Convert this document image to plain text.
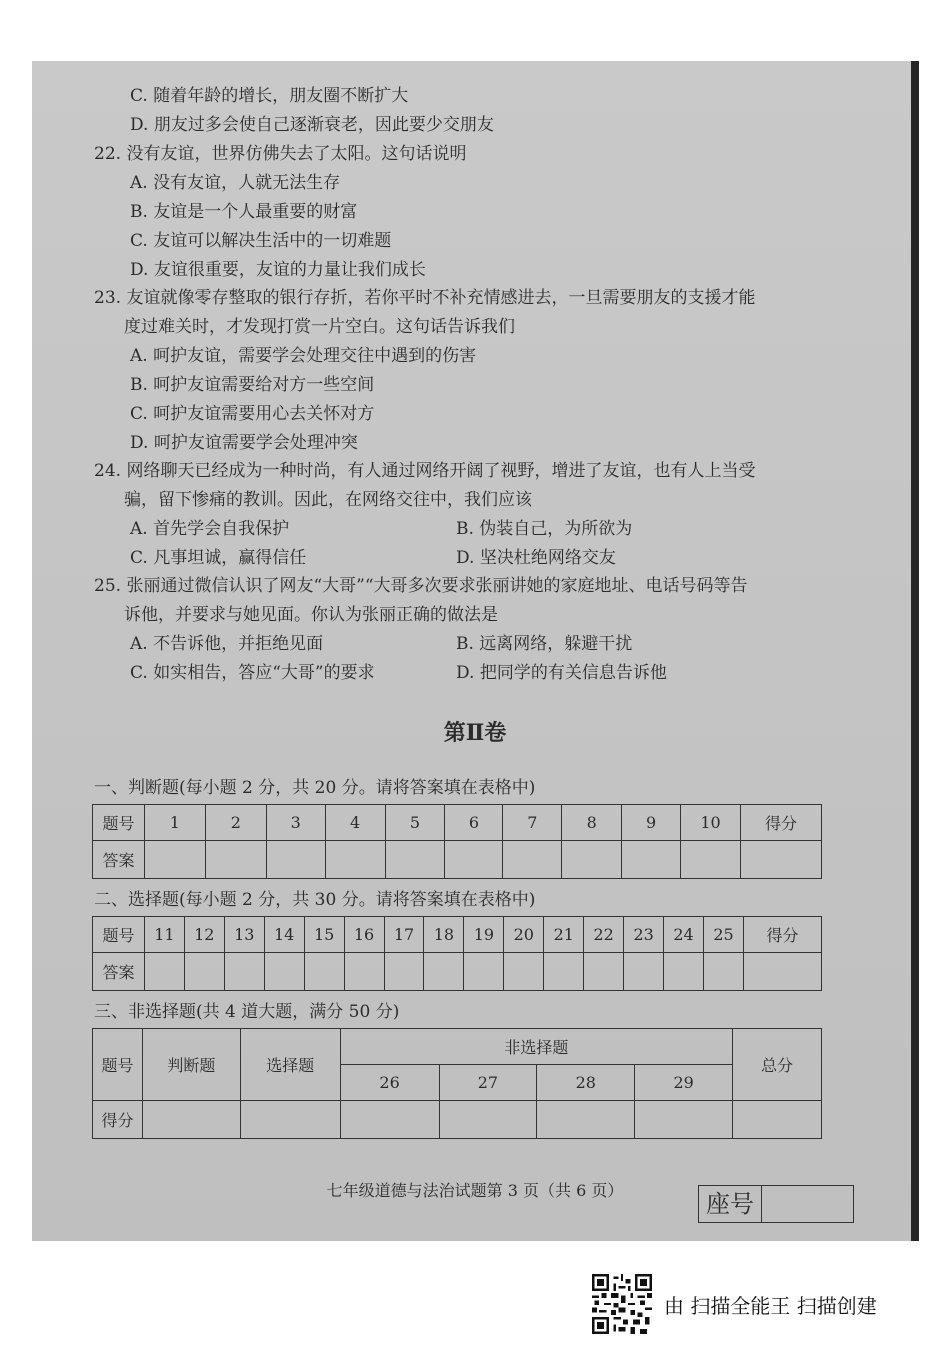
C. 随着年龄的增长，朋友圈不断扩大
D. 朋友过多会使自己逐渐衰老，因此要少交朋友
22. 没有友谊，世界仿佛失去了太阳。这句话说明
A. 没有友谊，人就无法生存
B. 友谊是一个人最重要的财富
C. 友谊可以解决生活中的一切难题
D. 友谊很重要，友谊的力量让我们成长
23. 友谊就像零存整取的银行存折，若你平时不补充情感进去，一旦需要朋友的支援才能
度过难关时，才发现打赏一片空白。这句话告诉我们
A. 呵护友谊，需要学会处理交往中遇到的伤害
B. 呵护友谊需要给对方一些空间
C. 呵护友谊需要用心去关怀对方
D. 呵护友谊需要学会处理冲突
24. 网络聊天已经成为一种时尚，有人通过网络开阔了视野，增进了友谊，也有人上当受
骗，留下惨痛的教训。因此，在网络交往中，我们应该
A. 首先学会自我保护	B. 伪装自己，为所欲为
C. 凡事坦诚，赢得信任	D. 坚决杜绝网络交友
25. 张丽通过微信认识了网友“大哥”“大哥多次要求张丽讲她的家庭地址、电话号码等告
诉他，并要求与她见面。你认为张丽正确的做法是
A. 不告诉他，并拒绝见面	B. 远离网络，躲避干扰
C. 如实相告，答应“大哥”的要求	D. 把同学的有关信息告诉他
第Ⅱ卷
一、判断题(每小题 2 分，共 20 分。请将答案填在表格中)
题号	1	2	3	4	5	6	7	8	9	10	得分
答案											
二、选择题(每小题 2 分，共 30 分。请将答案填在表格中)
题号	11	12	13	14	15	16	17	18	19	20	21	22	23	24	25	得分
答案																
三、非选择题(共 4 道大题，满分 50 分)
题号	判断题	选择题	非选择题				总分
			26	27	28	29	
得分							
七年级道德与法治试题第 3 页（共 6 页）	座号
由 扫描全能王 扫描创建
